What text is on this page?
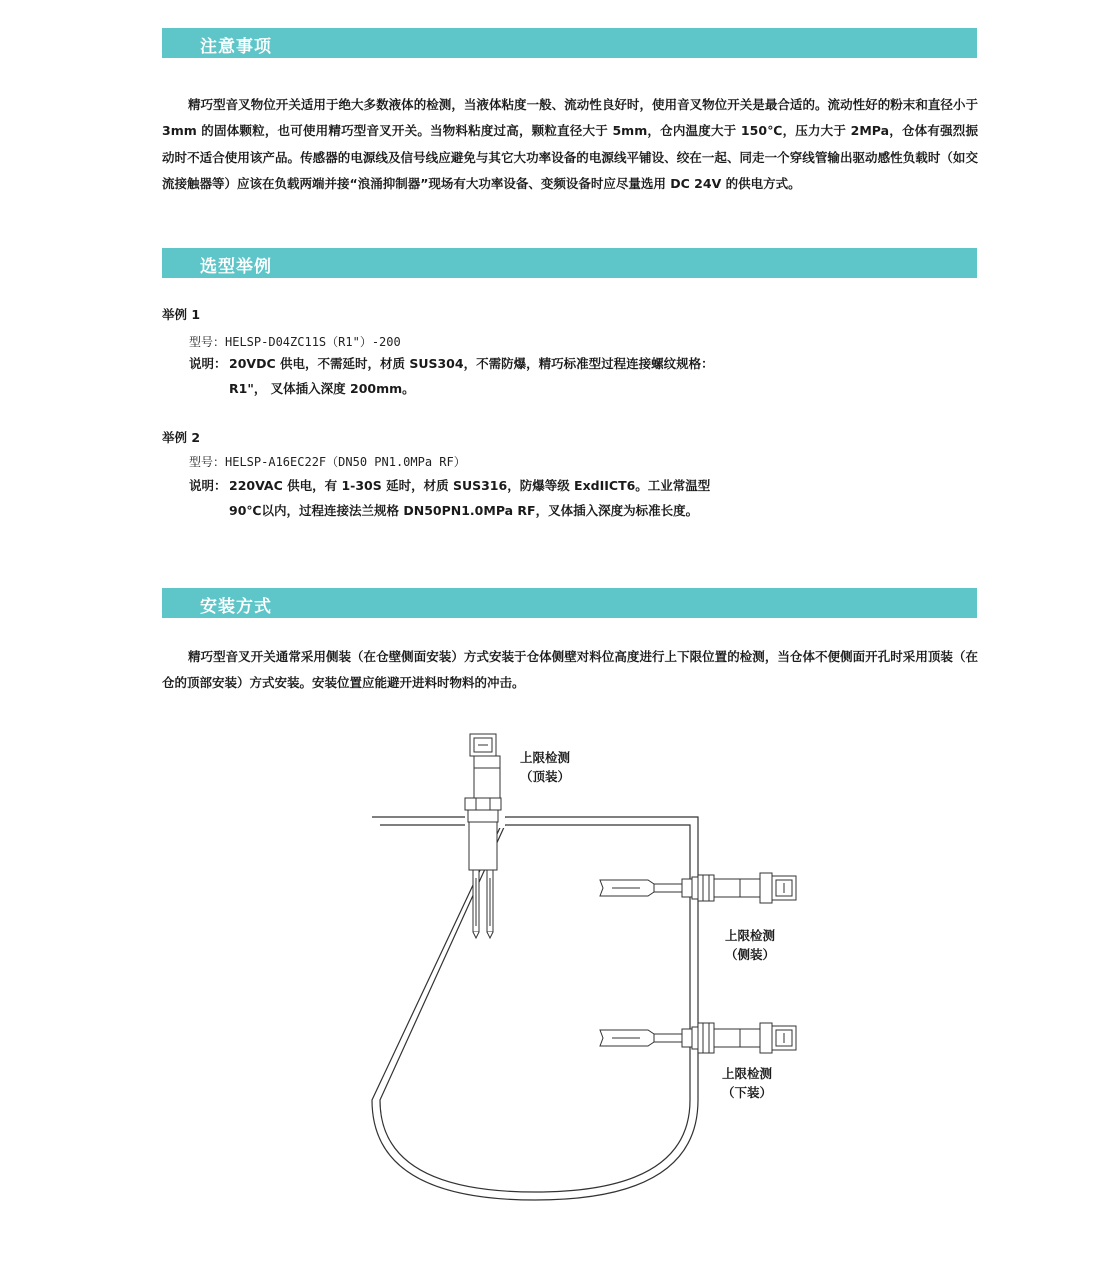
注意事项

精巧型音叉物位开关适用于绝大多数液体的检测，当液体粘度一般、流动性良好时，使用音叉物位开关是最合适的。流动性好的粉末和直径小于 3mm 的固体颗粒，也可使用精巧型音叉开关。当物料粘度过高，颗粒直径大于 5mm，仓内温度大于 150℃，压力大于 2MPa，仓体有强烈振动时不适合使用该产品。传感器的电源线及信号线应避免与其它大功率设备的电源线平铺设、绞在一起、同走一个穿线管输出驱动感性负载时（如交流接触器等）应该在负载两端并接“浪涌抑制器”现场有大功率设备、变频设备时应尽量选用 DC 24V 的供电方式。

选型举例
举例 1
型号：HELSP-D04ZC11S（R1"）-200
说明： 20VDC 供电，不需延时，材质 SUS304，不需防爆，精巧标准型过程连接螺纹规格：
R1"， 叉体插入深度 200mm。
举例 2
型号：HELSP-A16EC22F（DN50 PN1.0MPa RF）
说明： 220VAC 供电，有 1-30S 延时，材质 SUS316，防爆等级 ExdIICT6。工业常温型
90℃以内，过程连接法兰规格 DN50PN1.0MPa RF，叉体插入深度为标准长度。
安装方式

精巧型音叉开关通常采用侧装（在仓壁侧面安装）方式安装于仓体侧壁对料位高度进行上下限位置的检测，当仓体不便侧面开孔时采用顶装（在仓的顶部安装）方式安装。安装位置应能避开进料时物料的冲击。

上限检测
（顶装）
上限检测
（侧装）
上限检测
（下装）
